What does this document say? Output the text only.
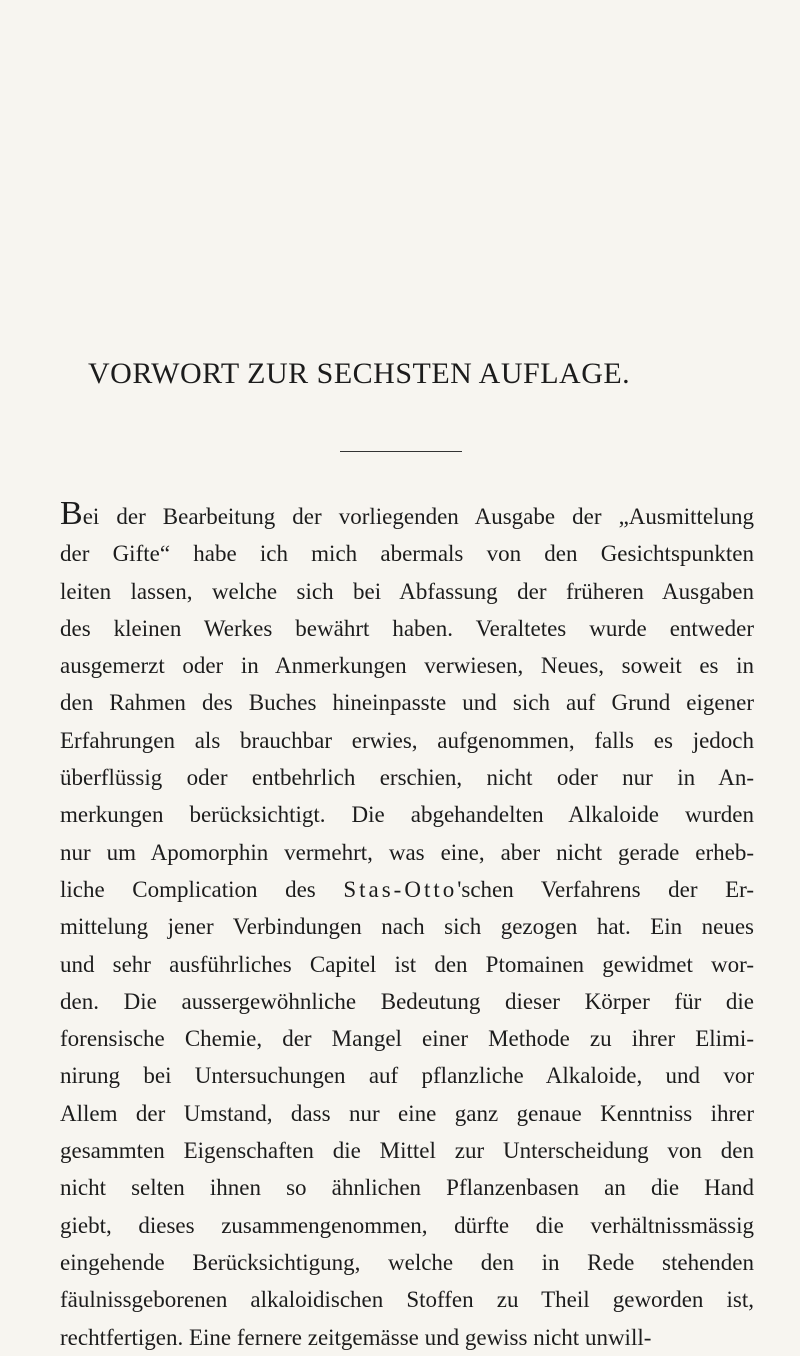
VORWORT ZUR SECHSTEN AUFLAGE.
Bei der Bearbeitung der vorliegenden Ausgabe der „Ausmittelung
der Gifte“ habe ich mich abermals von den Gesichtspunkten
leiten lassen, welche sich bei Abfassung der früheren Ausgaben
des kleinen Werkes bewährt haben. Veraltetes wurde entweder
ausgemerzt oder in Anmerkungen verwiesen, Neues, soweit es in
den Rahmen des Buches hineinpasste und sich auf Grund eigener
Erfahrungen als brauchbar erwies, aufgenommen, falls es jedoch
überflüssig oder entbehrlich erschien, nicht oder nur in An-
merkungen berücksichtigt. Die abgehandelten Alkaloide wurden
nur um Apomorphin vermehrt, was eine, aber nicht gerade erheb-
liche Complication des Stas-Otto'schen Verfahrens der Er-
mittelung jener Verbindungen nach sich gezogen hat. Ein neues
und sehr ausführliches Capitel ist den Ptomainen gewidmet wor-
den. Die aussergewöhnliche Bedeutung dieser Körper für die
forensische Chemie, der Mangel einer Methode zu ihrer Elimi-
nirung bei Untersuchungen auf pflanzliche Alkaloide, und vor
Allem der Umstand, dass nur eine ganz genaue Kenntniss ihrer
gesammten Eigenschaften die Mittel zur Unterscheidung von den
nicht selten ihnen so ähnlichen Pflanzenbasen an die Hand
giebt, dieses zusammengenommen, dürfte die verhältnissmässig
eingehende Berücksichtigung, welche den in Rede stehenden
fäulnissgeborenen alkaloidischen Stoffen zu Theil geworden ist,
rechtfertigen. Eine fernere zeitgemässe und gewiss nicht unwill-
